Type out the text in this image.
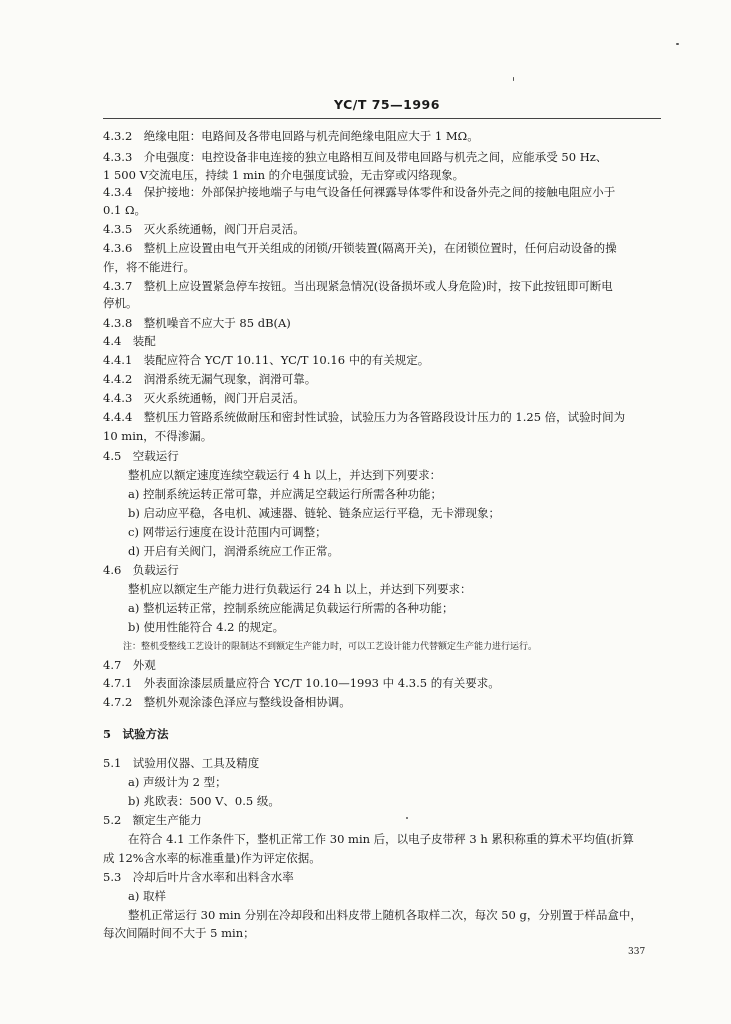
YC/T 75—1996
4.3.2　绝缘电阻：电路间及各带电回路与机壳间绝缘电阻应大于 1 MΩ。
4.3.3　介电强度：电控设备非电连接的独立电路相互间及带电回路与机壳之间，应能承受 50 Hz、
1 500 V交流电压，持续 1 min 的介电强度试验，无击穿或闪络现象。
4.3.4　保护接地：外部保护接地端子与电气设备任何裸露导体零件和设备外壳之间的接触电阻应小于
0.1 Ω。
4.3.5　灭火系统通畅，阀门开启灵活。
4.3.6　整机上应设置由电气开关组成的闭锁/开锁装置(隔离开关)，在闭锁位置时，任何启动设备的操
作，将不能进行。
4.3.7　整机上应设置紧急停车按钮。当出现紧急情况(设备损坏或人身危险)时，按下此按钮即可断电
停机。
4.3.8　整机噪音不应大于 85 dB(A)
4.4　装配
4.4.1　装配应符合 YC/T 10.11、YC/T 10.16 中的有关规定。
4.4.2　润滑系统无漏气现象，润滑可靠。
4.4.3　灭火系统通畅，阀门开启灵活。
4.4.4　整机压力管路系统做耐压和密封性试验，试验压力为各管路段设计压力的 1.25 倍，试验时间为
10 min，不得渗漏。
4.5　空载运行
整机应以额定速度连续空载运行 4 h 以上，并达到下列要求：
a) 控制系统运转正常可靠，并应满足空载运行所需各种功能；
b) 启动应平稳，各电机、减速器、链轮、链条应运行平稳，无卡滞现象；
c) 网带运行速度在设计范围内可调整；
d) 开启有关阀门，润滑系统应工作正常。
4.6　负载运行
整机应以额定生产能力进行负载运行 24 h 以上，并达到下列要求：
a) 整机运转正常，控制系统应能满足负载运行所需的各种功能；
b) 使用性能符合 4.2 的规定。
注：整机受整线工艺设计的限制达不到额定生产能力时，可以工艺设计能力代替额定生产能力进行运行。
4.7　外观
4.7.1　外表面涂漆层质量应符合 YC/T 10.10—1993 中 4.3.5 的有关要求。
4.7.2　整机外观涂漆色泽应与整线设备相协调。
5　试验方法
5.1　试验用仪器、工具及精度
a) 声级计为 2 型；
b) 兆欧表：500 V、0.5 级。
5.2　额定生产能力
在符合 4.1 工作条件下，整机正常工作 30 min 后，以电子皮带秤 3 h 累积称重的算术平均值(折算
成 12%含水率的标准重量)作为评定依据。
5.3　冷却后叶片含水率和出料含水率
a) 取样
整机正常运行 30 min 分别在冷却段和出料皮带上随机各取样二次，每次 50 g，分别置于样品盒中，
每次间隔时间不大于 5 min；
337
